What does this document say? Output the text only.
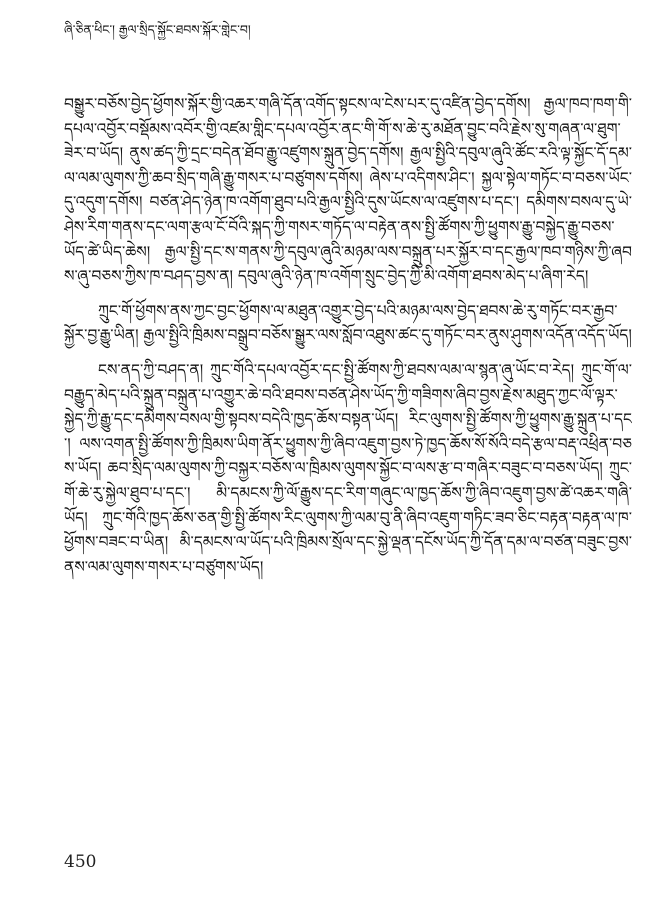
ཞི་ཅིན་ཕིང་། རྒྱལ་སྲིད་སྐྱོང་ཐབས་སྐོར་གླེང་བ།

བསྒྱུར་བཅོས་བྱེད་ཕྱོགས་སྐོར་གྱི་འཆར་གཞི་དོན་འགོད་སྟངས་ལ་ངེས་པར་དུ་འཛིན་བྱེད་དགོས། རྒྱལ་ཁབ་ཁག་གི་དཔལ་འབྱོར་བསྡོམས་འབོར་གྱི་འཛམ་གླིང་དཔལ་འབྱོར་ནང་གི་གོ་ས་ཆེ་རུ་མཐོན་བྱུང་བའི་རྗེས་སུ་གཞན་ལ་ཐུག་ཟེར་བ་ཡོད། ནུས་ཚད་ཀྱི་དྲང་བདེན་ཐོབ་རྒྱུ་འཛུགས་སྐྲུན་བྱེད་དགོས། རྒྱལ་སྤྱིའི་དབུལ་ཞུའི་ཚོང་རའི་ལྟ་སྐྱོང་དོ་དམ་ལ་ལམ་ལུགས་ཀྱི་ཆབ་སྲིད་གཞི་རྒྱུ་གསར་པ་བཙུགས་དགོས། ཞེས་པ་འདིགས་ཤིང་། སྐྱལ་སྟེལ་གཏོང་བ་བཅས་ཡོང་དུ་འདུག་དགོས། བཙན་ཤེད་ཉེན་ཁ་འགོག་ཐུབ་པའི་རྒྱལ་སྤྱིའི་དུས་ཡོངས་ལ་འཛུགས་པ་དང་། དམིགས་བསལ་དུ་ཡེ་ཤེས་རིག་གནས་དང་ལག་རྩལ་ངོ་བོའི་སྐད་ཀྱི་གསར་གཏོད་ལ་བརྟེན་ནས་སྤྱི་ཚོགས་ཀྱི་ཕྱུགས་རྒྱུ་བསྐྱེད་རྒྱུ་བཅས་ཡོད་ཚེ་ཡིད་ཆེས། རྒྱལ་སྤྱི་དང་ས་གནས་ཀྱི་དབུལ་ཞུའི་མཉམ་ལས་བསྐྲུན་པར་སྐྱོར་བ་དང་རྒྱལ་ཁབ་གཉིས་ཀྱི་ཞབས་ཞུ་བཅས་ཀྱིས་ཁ་བཤད་བྱས་ན། དབུལ་ཞུའི་ཉེན་ཁ་འགོག་སྲུང་བྱེད་ཀྱི་མི་འགོག་ཐབས་མེད་པ་ཞིག་རེད།

ཀྲུང་གོ་ཕྱོགས་ནས་ཀྱང་བྱང་ཕྱོགས་ལ་མཐུན་འགྱུར་བྱེད་པའི་མཉམ་ལས་བྱེད་ཐབས་ཆེ་རུ་གཏོང་བར་རྒྱབ་སྐྱོར་བྱ་རྒྱུ་ཡིན། རྒྱལ་སྤྱིའི་ཁྲིམས་བསྒྲུབ་བཅོས་སྒྱུར་ལས་སློབ་འཐུས་ཚང་དུ་གཏོང་བར་ནུས་ཤུགས་འདོན་འདོད་ཡོད།

ངས་ནད་ཀྱི་བཤད་ན། ཀྲུང་གོའི་དཔལ་འབྱོར་དང་སྤྱི་ཚོགས་ཀྱི་ཐབས་ལམ་ལ་སྙན་ཞུ་ཡོང་བ་རེད། ཀྲུང་གོ་ལ་བརྒྱུད་མེད་པའི་སྐྲུན་བསྐྲུན་པ་འགྱུར་ཆེ་བའི་ཐབས་བཙན་ཤེས་ཡོད་ཀྱི་གཟིགས་ཞིབ་བྱས་རྗེས་མཐུད་ཀྱང་ལོ་ལྟར་སྐྱེད་ཀྱི་རྒྱུ་དང་དམིགས་བསལ་གྱི་སྟབས་བདེའི་ཁྱད་ཆོས་བསྟན་ཡོད། རིང་ལུགས་སྤྱི་ཚོགས་ཀྱི་ཕྱུགས་རྒྱུ་སྐྲུན་པ་དང་། ལས་འགན་སྤྱི་ཚོགས་ཀྱི་ཁྲིམས་ཡིག་ནོར་ཕྱུགས་ཀྱི་ཞིབ་འཇུག་བྱས་ཏེ་ཁྱད་ཆོས་སོ་སོའི་བདེ་རྩལ་བརྡ་འཕྲིན་བཅས་ཡོད། ཆབ་སྲིད་ལམ་ལུགས་ཀྱི་བསྐྱར་བཅོས་ལ་ཁྲིམས་ལུགས་སྐྱོང་བ་ལས་རྩ་བ་གཞིར་བཟུང་བ་བཅས་ཡོད། ཀྲུང་གོ་ཆེ་རུ་སྐྱེལ་ཐུབ་པ་དང་། མི་དམངས་ཀྱི་ལོ་རྒྱུས་དང་རིག་གཞུང་ལ་ཁྱད་ཆོས་ཀྱི་ཞིབ་འཇུག་བྱས་ཚེ་འཆར་གཞི་ཡོད། ཀྲུང་གོའི་ཁྱད་ཆོས་ཅན་གྱི་སྤྱི་ཚོགས་རིང་ལུགས་ཀྱི་ལམ་བུ་ནི་ཞིབ་འཇུག་གཏིང་ཟབ་ཅིང་བརྟན་བརྟན་ལ་ཁ་ཕྱོགས་བཟང་བ་ཡིན། མི་དམངས་ལ་ཡོད་པའི་ཁྲིམས་སྲོལ་དང་སྐྱེ་ལྡན་དངོས་ཡོད་ཀྱི་དོན་དམ་ལ་བཙན་བཟུང་བྱས་ནས་ལམ་ལུགས་གསར་པ་བཙུགས་ཡོད།

450
